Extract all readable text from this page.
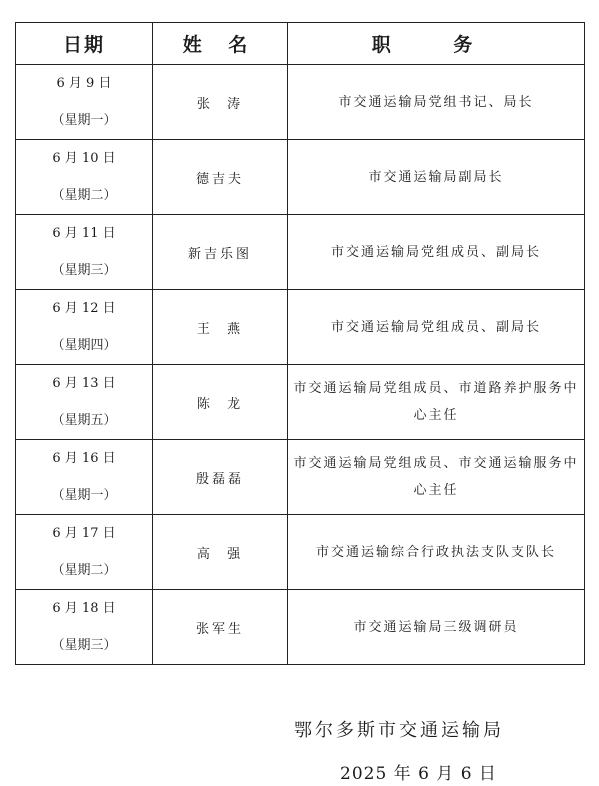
日期	姓 名	职 务

6 月 9 日
（星期一）	张  涛	市交通运输局党组书记、局长

6 月 10 日
（星期二）	德吉夫	市交通运输局副局长

6 月 11 日
（星期三）	新吉乐图	市交通运输局党组成员、副局长

6 月 12 日
（星期四）	王  燕	市交通运输局党组成员、副局长

6 月 13 日
（星期五）	陈  龙	市交通运输局党组成员、市道路养护服务中心主任

6 月 16 日
（星期一）	殷磊磊	市交通运输局党组成员、市交通运输服务中心主任

6 月 17 日
（星期二）	高  强	市交通运输综合行政执法支队支队长

6 月 18 日
（星期三）	张军生	市交通运输局三级调研员
鄂尔多斯市交通运输局
2025 年 6 月 6 日
